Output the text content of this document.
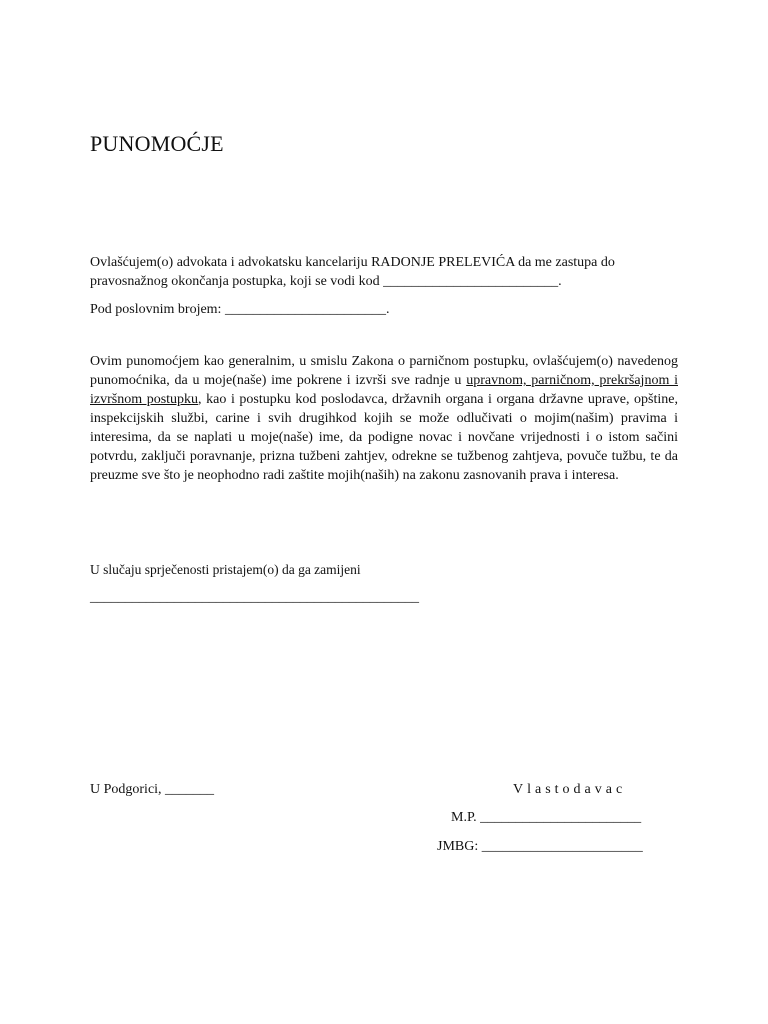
PUNOMOĆJE
Ovlašćujem(o) advokata i advokatsku kancelariju RADONJE PRELEVIĆA da me zastupa do pravosnažnog okončanja postupka, koji se vodi kod _________________________.
Pod poslovnim brojem: _______________________.
Ovim punomoćjem kao generalnim, u smislu Zakona o parničnom postupku, ovlašćujem(o) navedenog punomoćnika, da u moje(naše) ime pokrene i izvrši sve radnje u upravnom, parničnom, prekršajnom i izvršnom postupku, kao i postupku kod poslodavca, državnih organa i organa državne uprave, opštine, inspekcijskih službi, carine i svih drugihkod kojih se može odlučivati o mojim(našim) pravima i interesima, da se naplati u moje(naše) ime, da podigne novac i novčane vrijednosti i o istom sačini potvrdu, zaključi poravnanje, prizna tužbeni zahtjev, odrekne se tužbenog zahtjeva, povuče tužbu, te da preuzme sve što je neophodno radi zaštite mojih(naših) na zakonu zasnovanih prava i interesa.
U slučaju sprječenosti pristajem(o) da ga zamijeni
_______________________________________________
U Podgorici, _______	Vlastodavac
M.P. _______________________
JMBG: _______________________
